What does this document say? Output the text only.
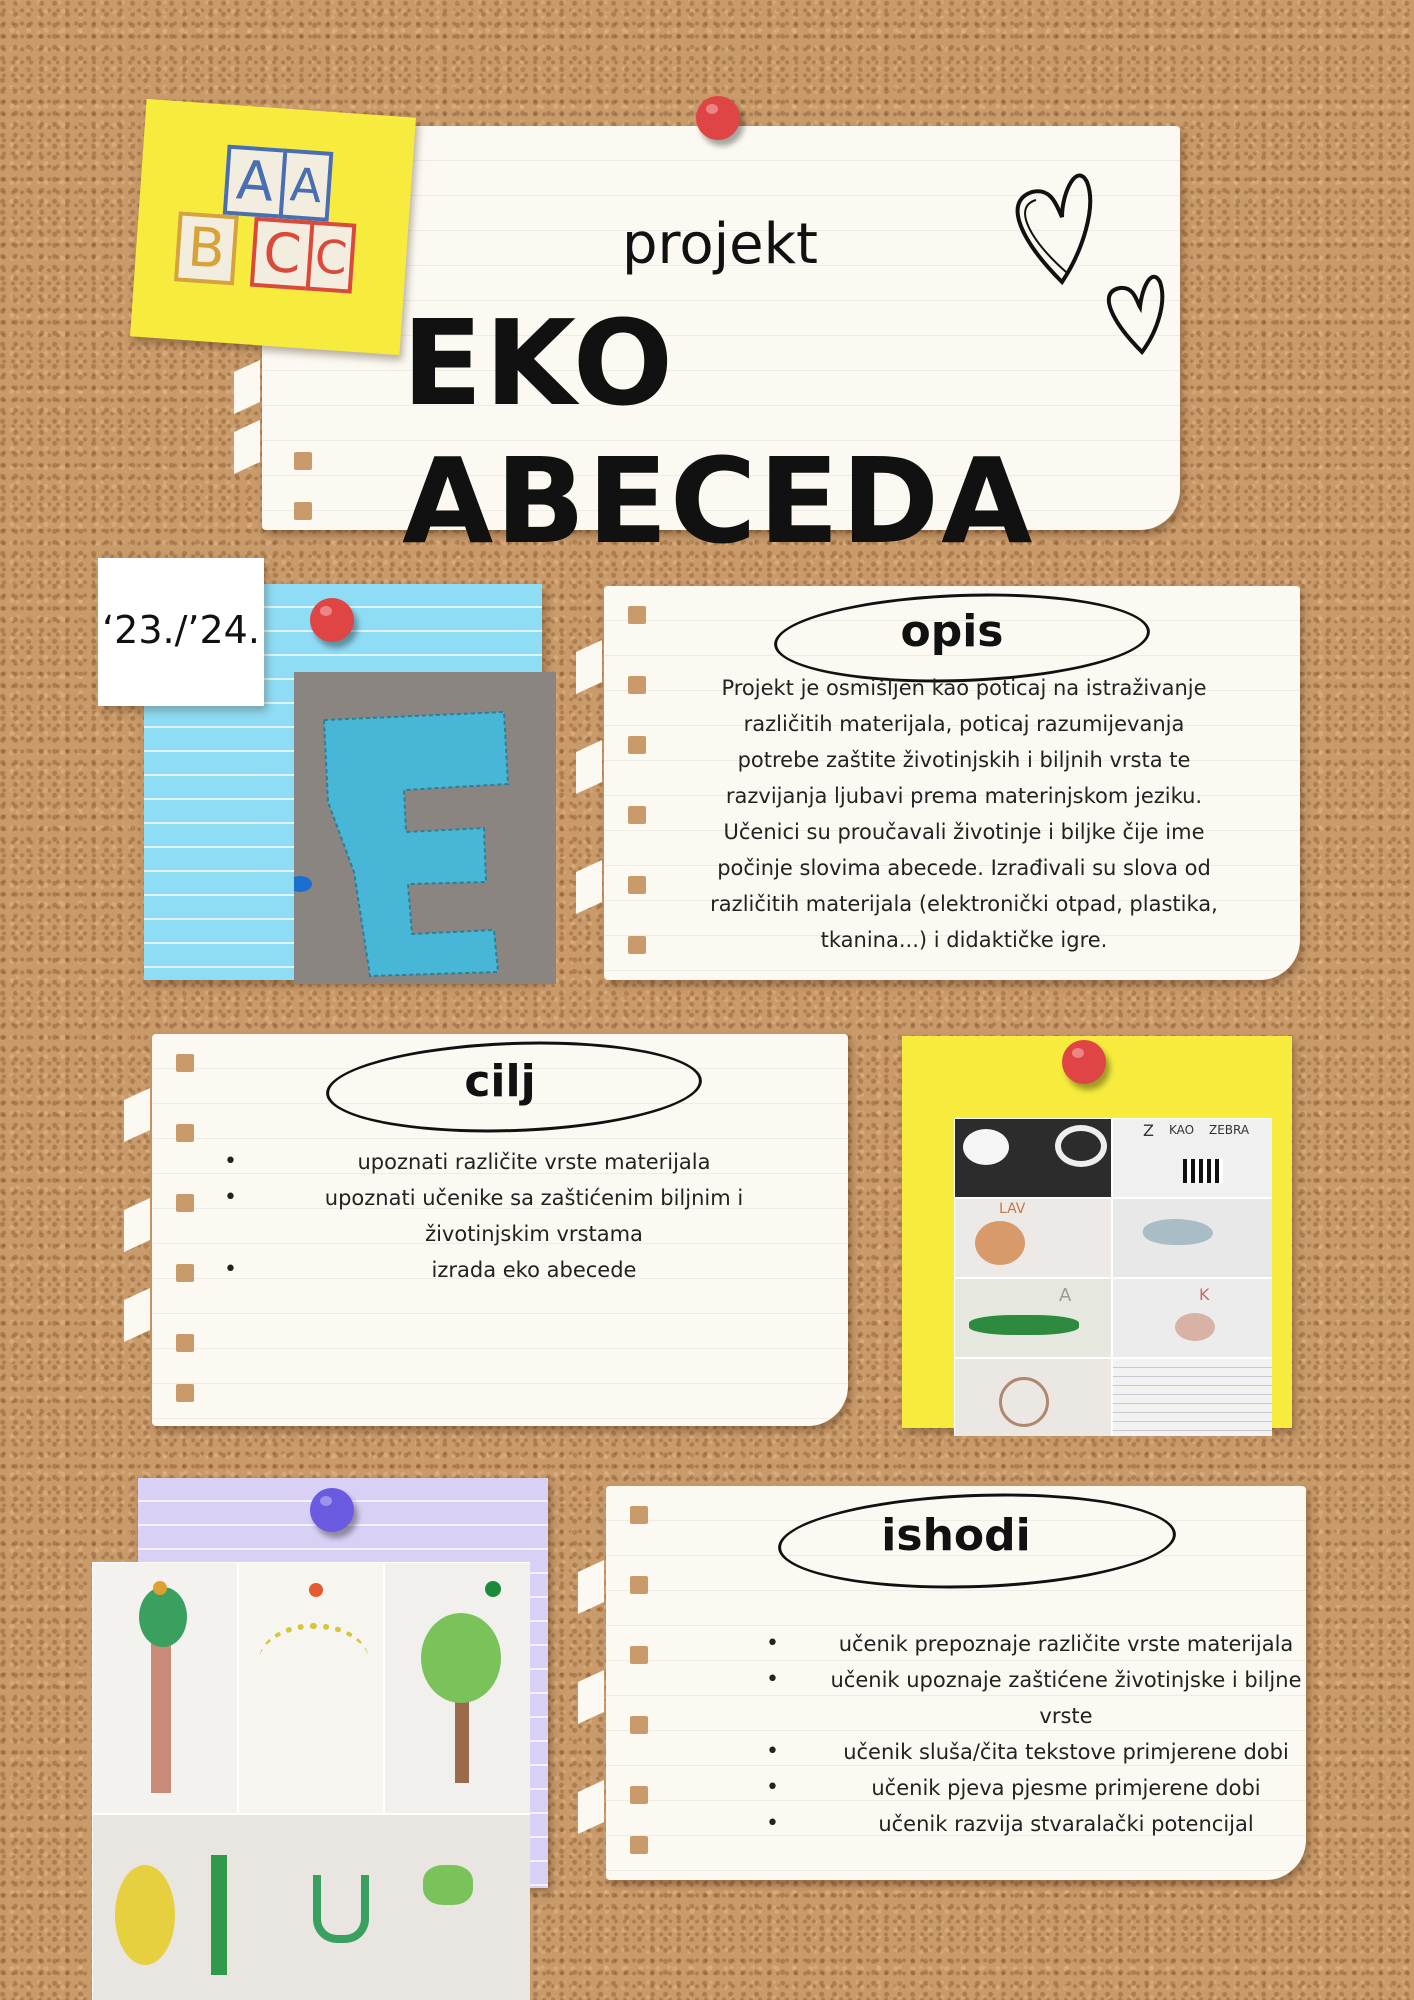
projekt
EKO ABECEDA
A A
B C C
‘23./’24.	opis
Projekt je osmišljen kao poticaj na istraživanje
različitih materijala, poticaj razumijevanja
potrebe zaštite životinjskih i biljnih vrsta te
razvijanja ljubavi prema materinjskom jeziku.
Učenici su proučavali životinje i biljke čije ime
počinje slovima abecede. Izrađivali su slova od
različitih materijala (elektronički otpad, plastika,
tkanina...) i didaktičke igre.
cilj
• upoznati različite vrste materijala
• upoznati učenike sa zaštićenim biljnim i životinjskim vrstama
• izrada eko abecede
Z KAO ZEBRA
LAV
A	K
ishodi
• učenik prepoznaje različite vrste materijala
• učenik upoznaje zaštićene životinjske i biljne vrste
• učenik sluša/čita tekstove primjerene dobi
• učenik pjeva pjesme primjerene dobi
• učenik razvija stvaralački potencijal
